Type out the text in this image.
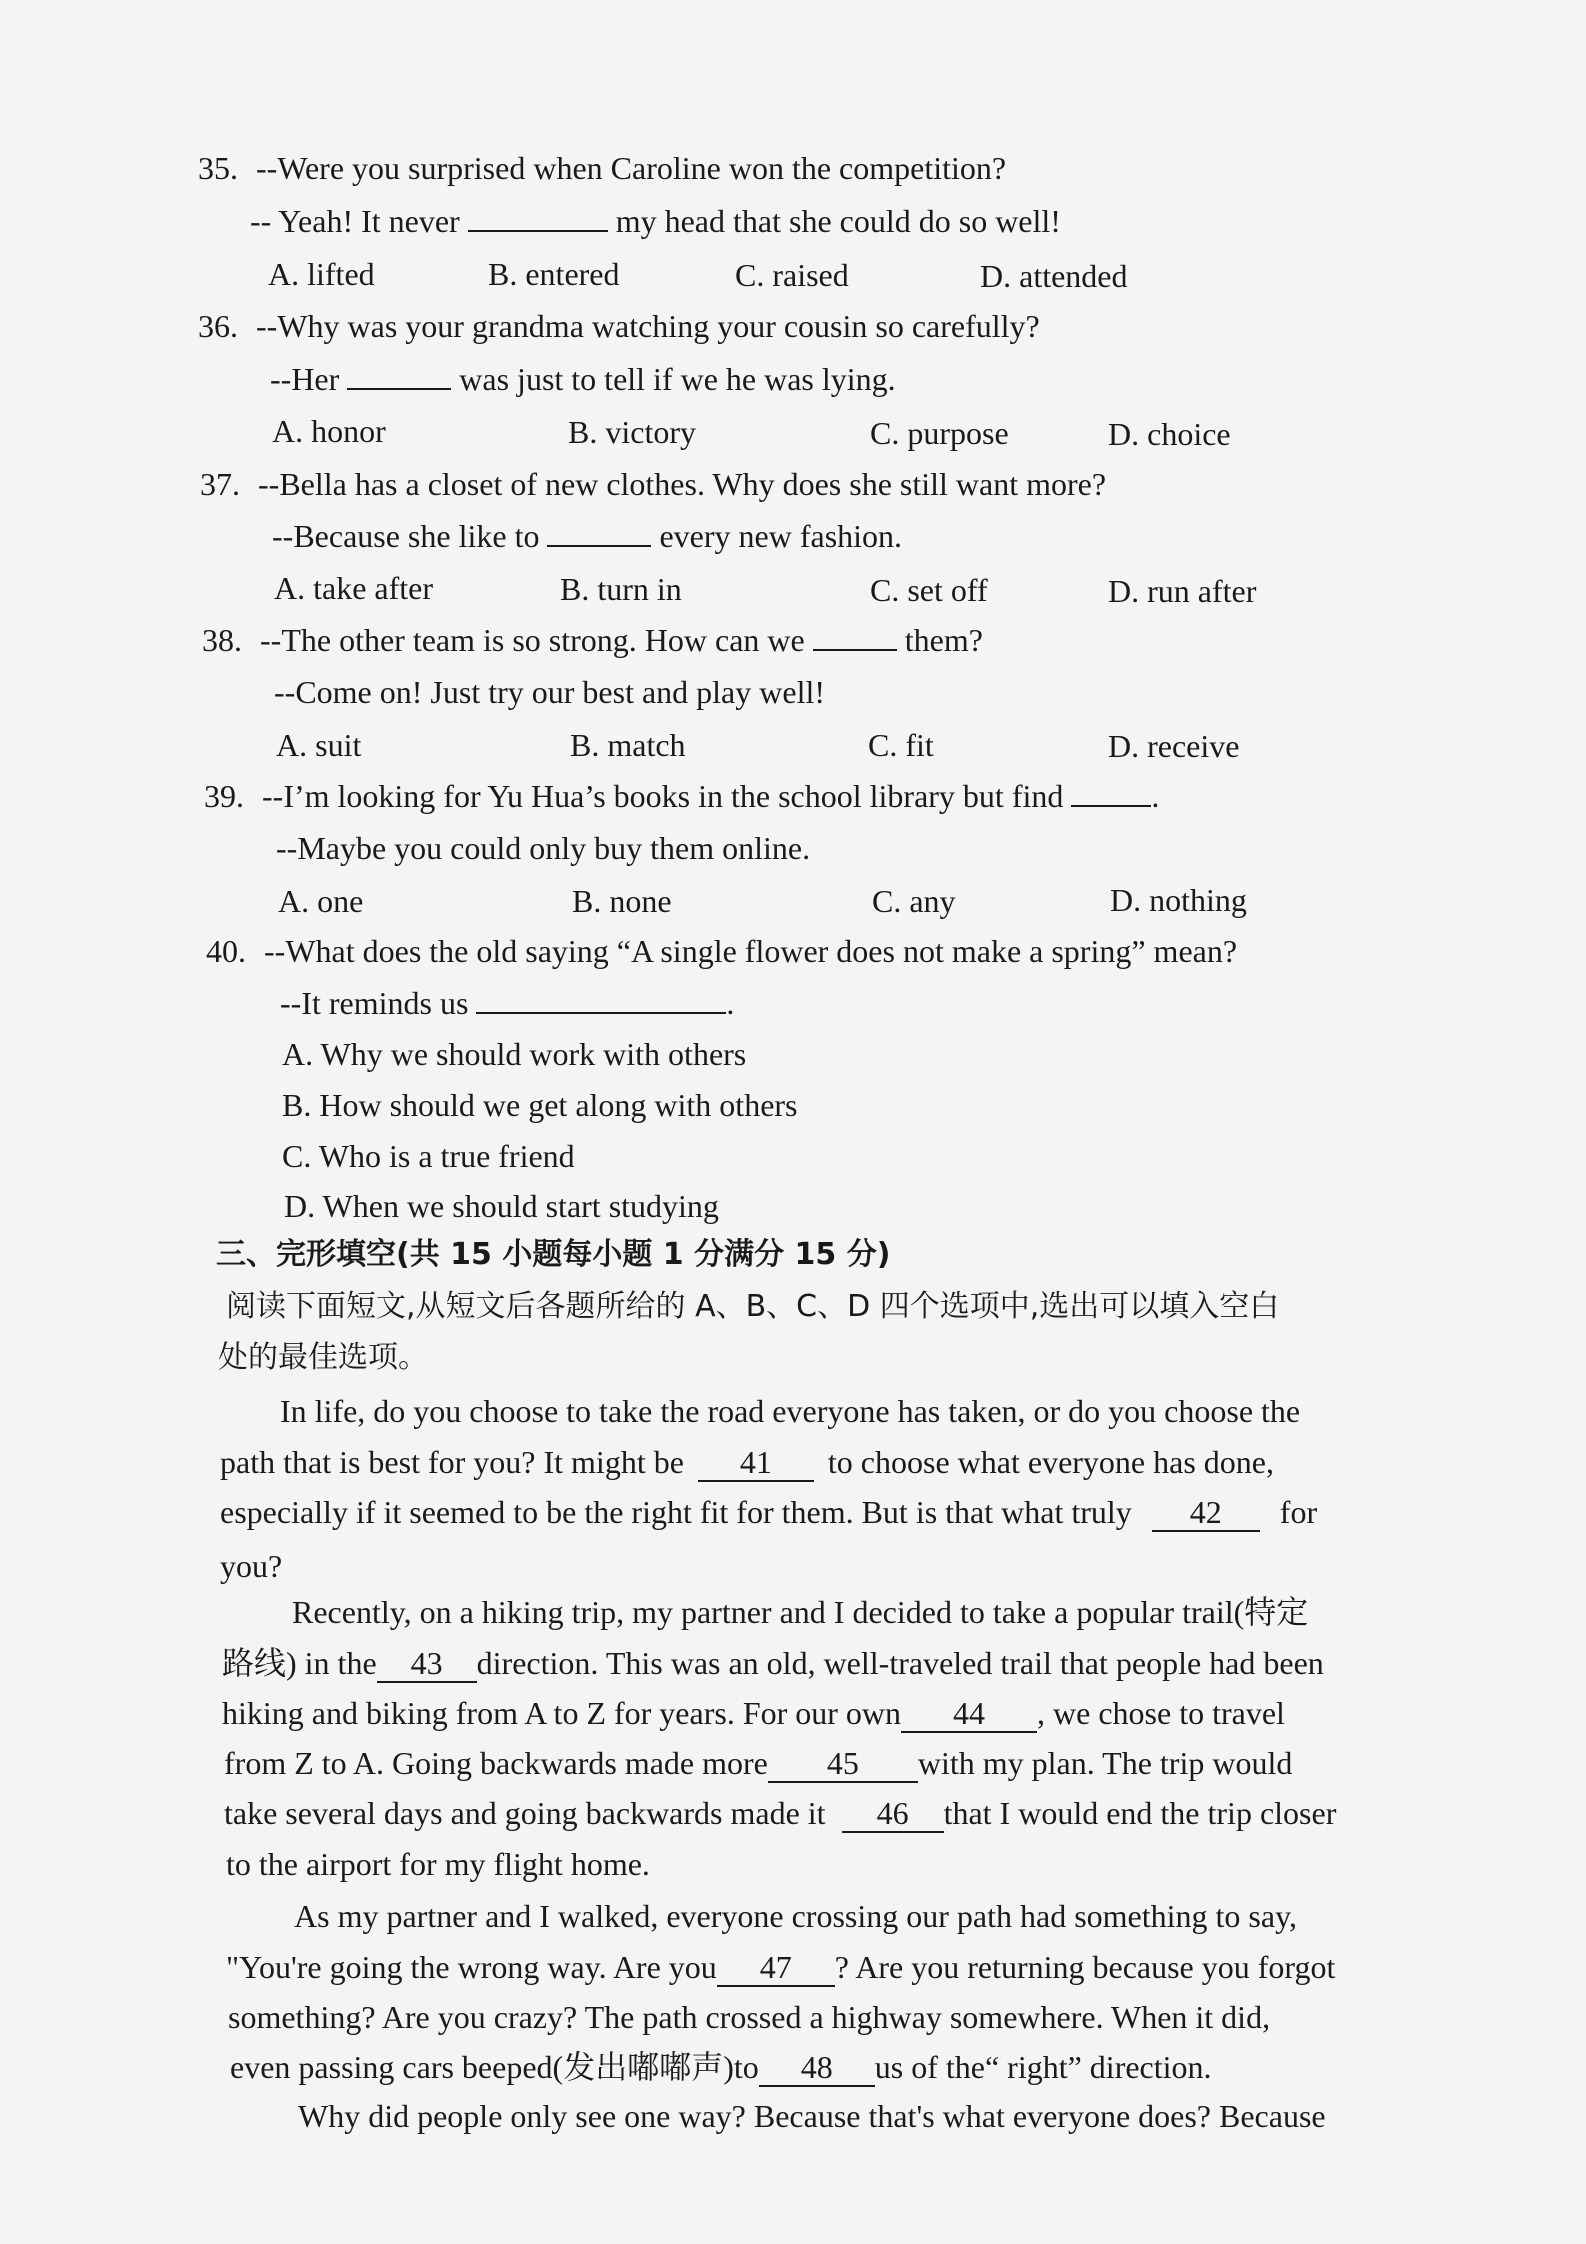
35. --Were you surprised when Caroline won the competition?
-- Yeah! It never	my head that she could do so well!
A. lifted	B. entered	C. raised	D. attended
36. --Why was your grandma watching your cousin so carefully?
--Her	was just to tell if we he was lying.
A. honor	B. victory	C. purpose	D. choice
37. --Bella has a closet of new clothes. Why does she still want more?
--Because she like to	every new fashion.
A. take after	B. turn in	C. set off	D. run after
38. --The other team is so strong. How can we	them?
--Come on! Just try our best and play well!
A. suit	B. match	C. fit	D. receive
39. --I’m looking for Yu Hua’s books in the school library but find	.
--Maybe you could only buy them online.
A. one	B. none	C. any	D. nothing
40. --What does the old saying “A single flower does not make a spring” mean?
--It reminds us	.
A. Why we should work with others
B. How should we get along with others
C. Who is a true friend
D. When we should start studying
三、完形填空(共 15 小题每小题 1 分满分 15 分)
阅读下面短文,从短文后各题所给的 A、B、C、D 四个选项中,选出可以填入空白
处的最佳选项。
In life, do you choose to take the road everyone has taken, or do you choose the
path that is best for you? It might be 41 to choose what everyone has done,
especially if it seemed to be the right fit for them. But is that what truly 42 for
you?
Recently, on a hiking trip, my partner and I decided to take a popular trail(特定
路线) in the 43 direction. This was an old, well-traveled trail that people had been
hiking and biking from A to Z for years. For our own 44 , we chose to travel
from Z to A. Going backwards made more 45 with my plan. The trip would
take several days and going backwards made it 46 that I would end the trip closer
to the airport for my flight home.
As my partner and I walked, everyone crossing our path had something to say,
"You're going the wrong way. Are you 47 ? Are you returning because you forgot
something? Are you crazy? The path crossed a highway somewhere. When it did,
even passing cars beeped(发出嘟嘟声)to 48 us of the“ right” direction.
Why did people only see one way? Because that's what everyone does? Because
